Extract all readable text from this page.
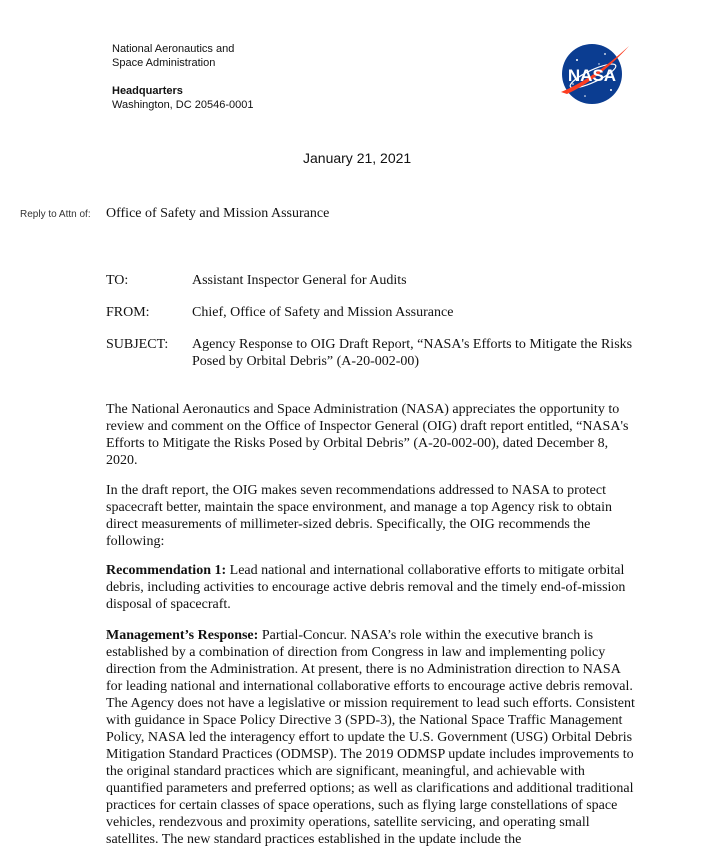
National Aeronautics and
Space Administration
Headquarters
Washington, DC 20546-0001
NASA
January 21, 2021
Reply to Attn of: Office of Safety and Mission Assurance
TO:	Assistant Inspector General for Audits
FROM:	Chief, Office of Safety and Mission Assurance
SUBJECT:	Agency Response to OIG Draft Report, “NASA's Efforts to Mitigate the Risks Posed by Orbital Debris” (A-20-002-00)
The National Aeronautics and Space Administration (NASA) appreciates the opportunity to review and comment on the Office of Inspector General (OIG) draft report entitled, “NASA's Efforts to Mitigate the Risks Posed by Orbital Debris” (A-20-002-00), dated December 8, 2020.
In the draft report, the OIG makes seven recommendations addressed to NASA to protect spacecraft better, maintain the space environment, and manage a top Agency risk to obtain direct measurements of millimeter-sized debris. Specifically, the OIG recommends the following:
Recommendation 1: Lead national and international collaborative efforts to mitigate orbital debris, including activities to encourage active debris removal and the timely end-of-mission disposal of spacecraft.
Management’s Response: Partial-Concur. NASA’s role within the executive branch is established by a combination of direction from Congress in law and implementing policy direction from the Administration. At present, there is no Administration direction to NASA for leading national and international collaborative efforts to encourage active debris removal. The Agency does not have a legislative or mission requirement to lead such efforts. Consistent with guidance in Space Policy Directive 3 (SPD-3), the National Space Traffic Management Policy, NASA led the interagency effort to update the U.S. Government (USG) Orbital Debris Mitigation Standard Practices (ODMSP). The 2019 ODMSP update includes improvements to the original standard practices which are significant, meaningful, and achievable with quantified parameters and preferred options; as well as clarifications and additional traditional practices for certain classes of space operations, such as flying large constellations of space vehicles, rendezvous and proximity operations, satellite servicing, and operating small satellites. The new standard practices established in the update include the
